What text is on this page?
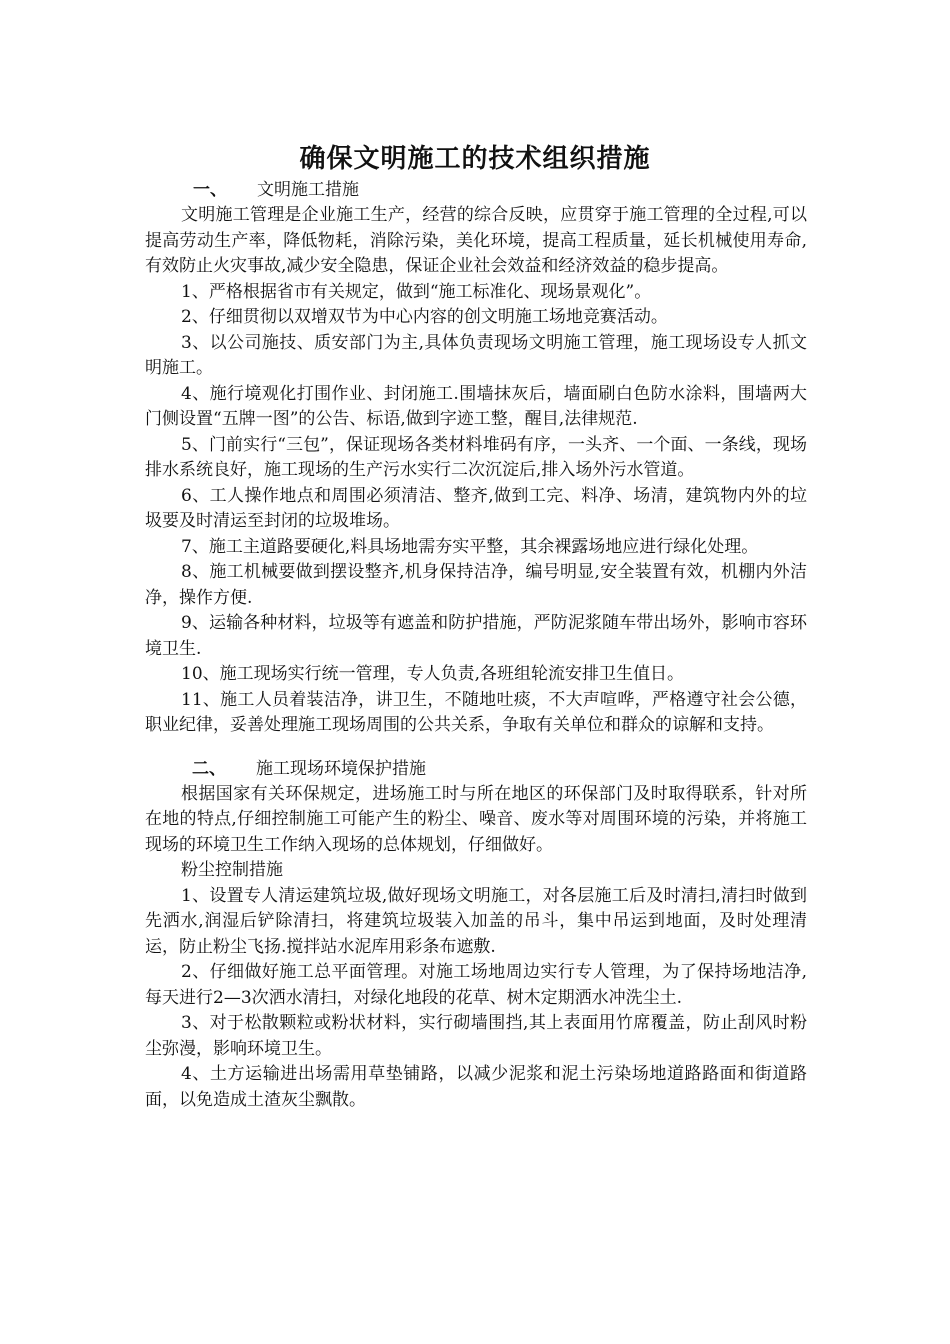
确保文明施工的技术组织措施
一、 文明施工措施

文明施工管理是企业施工生产，经营的综合反映，应贯穿于施工管理的全过程,可以提高劳动生产率，降低物耗，消除污染，美化环境，提高工程质量，延长机械使用寿命,有效防止火灾事故,减少安全隐患，保证企业社会效益和经济效益的稳步提高。

1、严格根据省市有关规定，做到“施工标准化、现场景观化”。

2、仔细贯彻以双增双节为中心内容的创文明施工场地竞赛活动。

3、以公司施技、质安部门为主,具体负责现场文明施工管理，施工现场设专人抓文明施工。

4、施行境观化打围作业、封闭施工.围墙抹灰后，墙面刷白色防水涂料，围墙两大门侧设置“五牌一图”的公告、标语,做到字迹工整，醒目,法律规范.

5、门前实行“三包”，保证现场各类材料堆码有序，一头齐、一个面、一条线，现场排水系统良好，施工现场的生产污水实行二次沉淀后,排入场外污水管道。

6、工人操作地点和周围必须清洁、整齐,做到工完、料净、场清，建筑物内外的垃圾要及时清运至封闭的垃圾堆场。

7、施工主道路要硬化,料具场地需夯实平整，其余裸露场地应进行绿化处理。

8、施工机械要做到摆设整齐,机身保持洁净，编号明显,安全装置有效，机棚内外洁净，操作方便.

9、运输各种材料，垃圾等有遮盖和防护措施，严防泥浆随车带出场外，影响市容环境卫生.

10、施工现场实行统一管理，专人负责,各班组轮流安排卫生值日。

11、施工人员着装洁净，讲卫生，不随地吐痰，不大声喧哗，严格遵守社会公德，职业纪律，妥善处理施工现场周围的公共关系，争取有关单位和群众的谅解和支持。

二、 施工现场环境保护措施

根据国家有关环保规定，进场施工时与所在地区的环保部门及时取得联系，针对所在地的特点,仔细控制施工可能产生的粉尘、噪音、废水等对周围环境的污染，并将施工现场的环境卫生工作纳入现场的总体规划，仔细做好。

粉尘控制措施

1、设置专人清运建筑垃圾,做好现场文明施工，对各层施工后及时清扫,清扫时做到先洒水,润湿后铲除清扫，将建筑垃圾装入加盖的吊斗，集中吊运到地面，及时处理清运，防止粉尘飞扬.搅拌站水泥库用彩条布遮敷.

2、仔细做好施工总平面管理。对施工场地周边实行专人管理，为了保持场地洁净,每天进行2—3次洒水清扫，对绿化地段的花草、树木定期洒水冲洗尘土.

3、对于松散颗粒或粉状材料，实行砌墙围挡,其上表面用竹席覆盖，防止刮风时粉尘弥漫，影响环境卫生。

4、土方运输进出场需用草垫铺路，以减少泥浆和泥土污染场地道路路面和街道路面，以免造成土渣灰尘飘散。
